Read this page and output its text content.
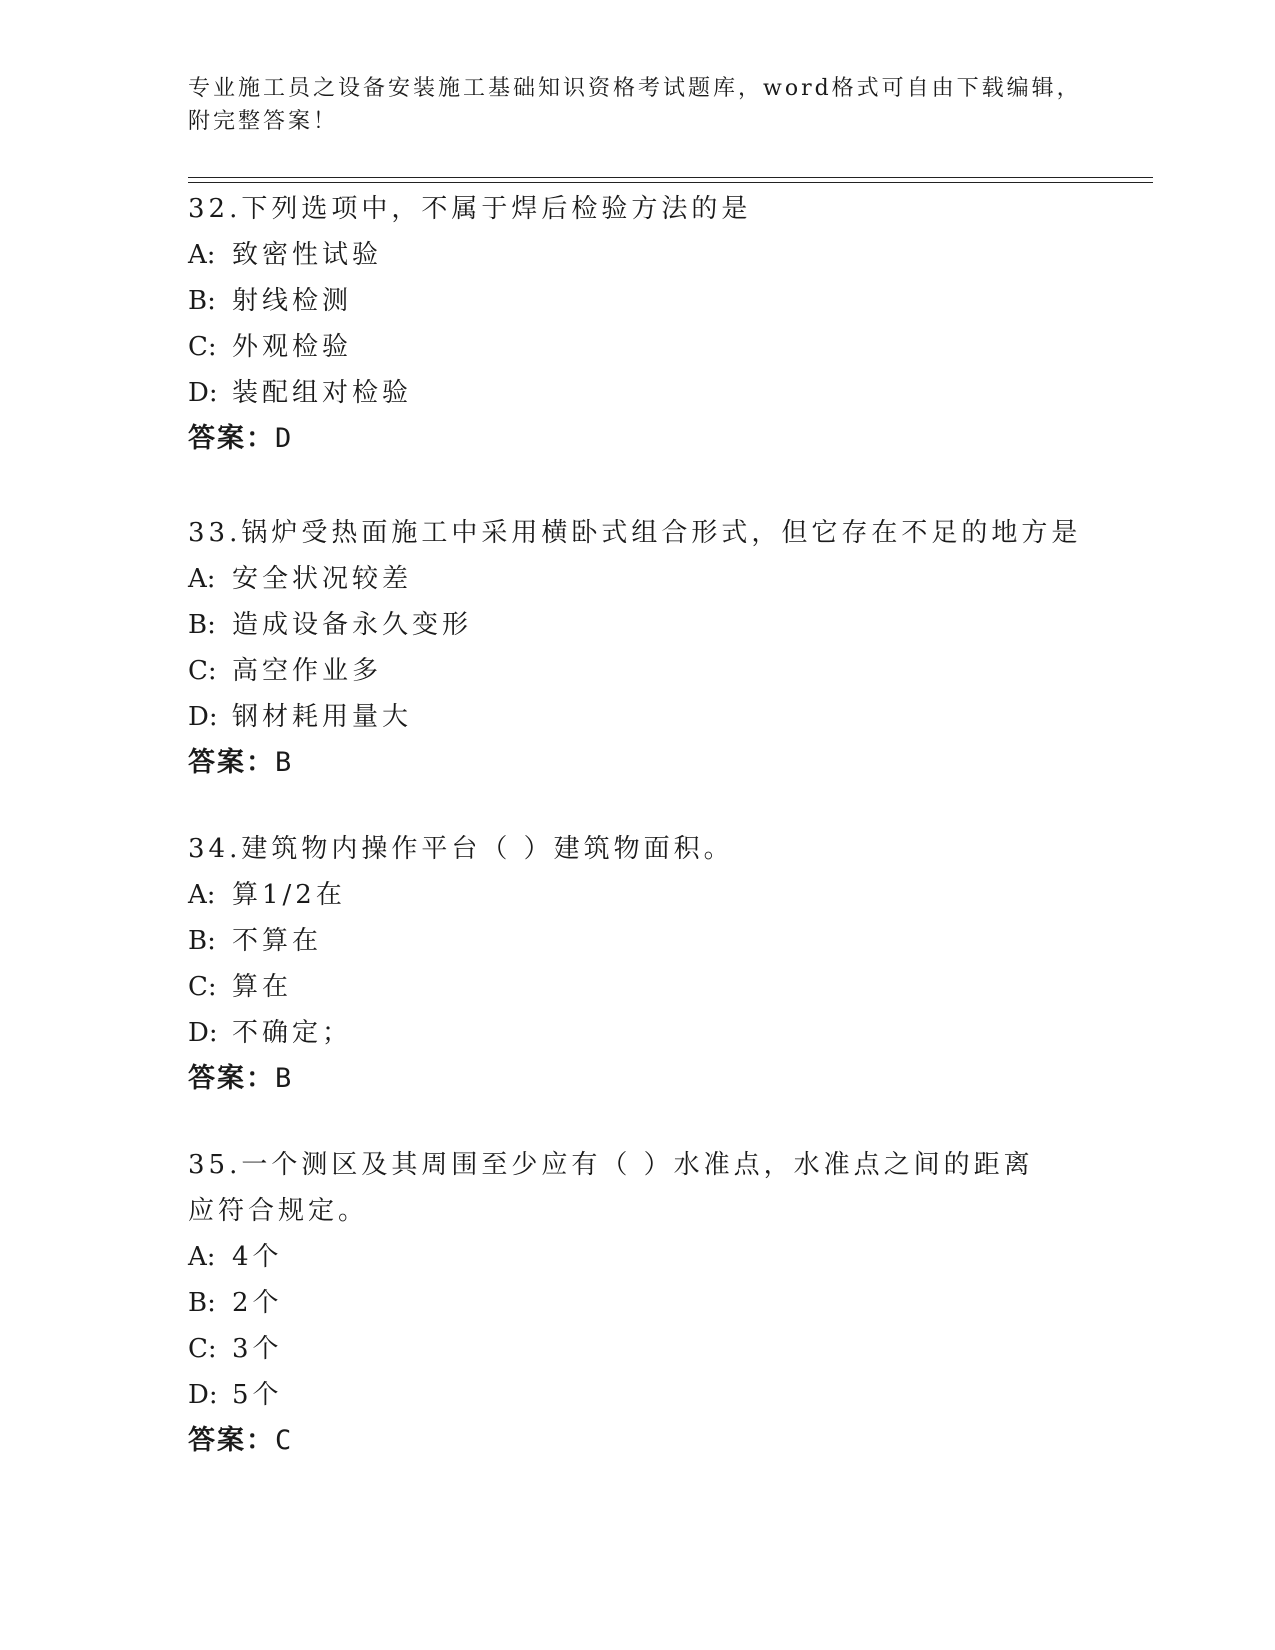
专业施工员之设备安装施工基础知识资格考试题库，word格式可自由下载编辑，
附完整答案！

32.下列选项中，不属于焊后检验方法的是

A: 致密性试验

B: 射线检测

C: 外观检验

D: 装配组对检验

答案：D

33.锅炉受热面施工中采用横卧式组合形式，但它存在不足的地方是

A: 安全状况较差

B: 造成设备永久变形

C: 高空作业多

D: 钢材耗用量大

答案：B

34.建筑物内操作平台（ ）建筑物面积。

A: 算1/2在

B: 不算在

C: 算在

D: 不确定；

答案：B

35.一个测区及其周围至少应有（ ）水准点，水准点之间的距离应符合规定。

A: 4个

B: 2个

C: 3个

D: 5个

答案：C
